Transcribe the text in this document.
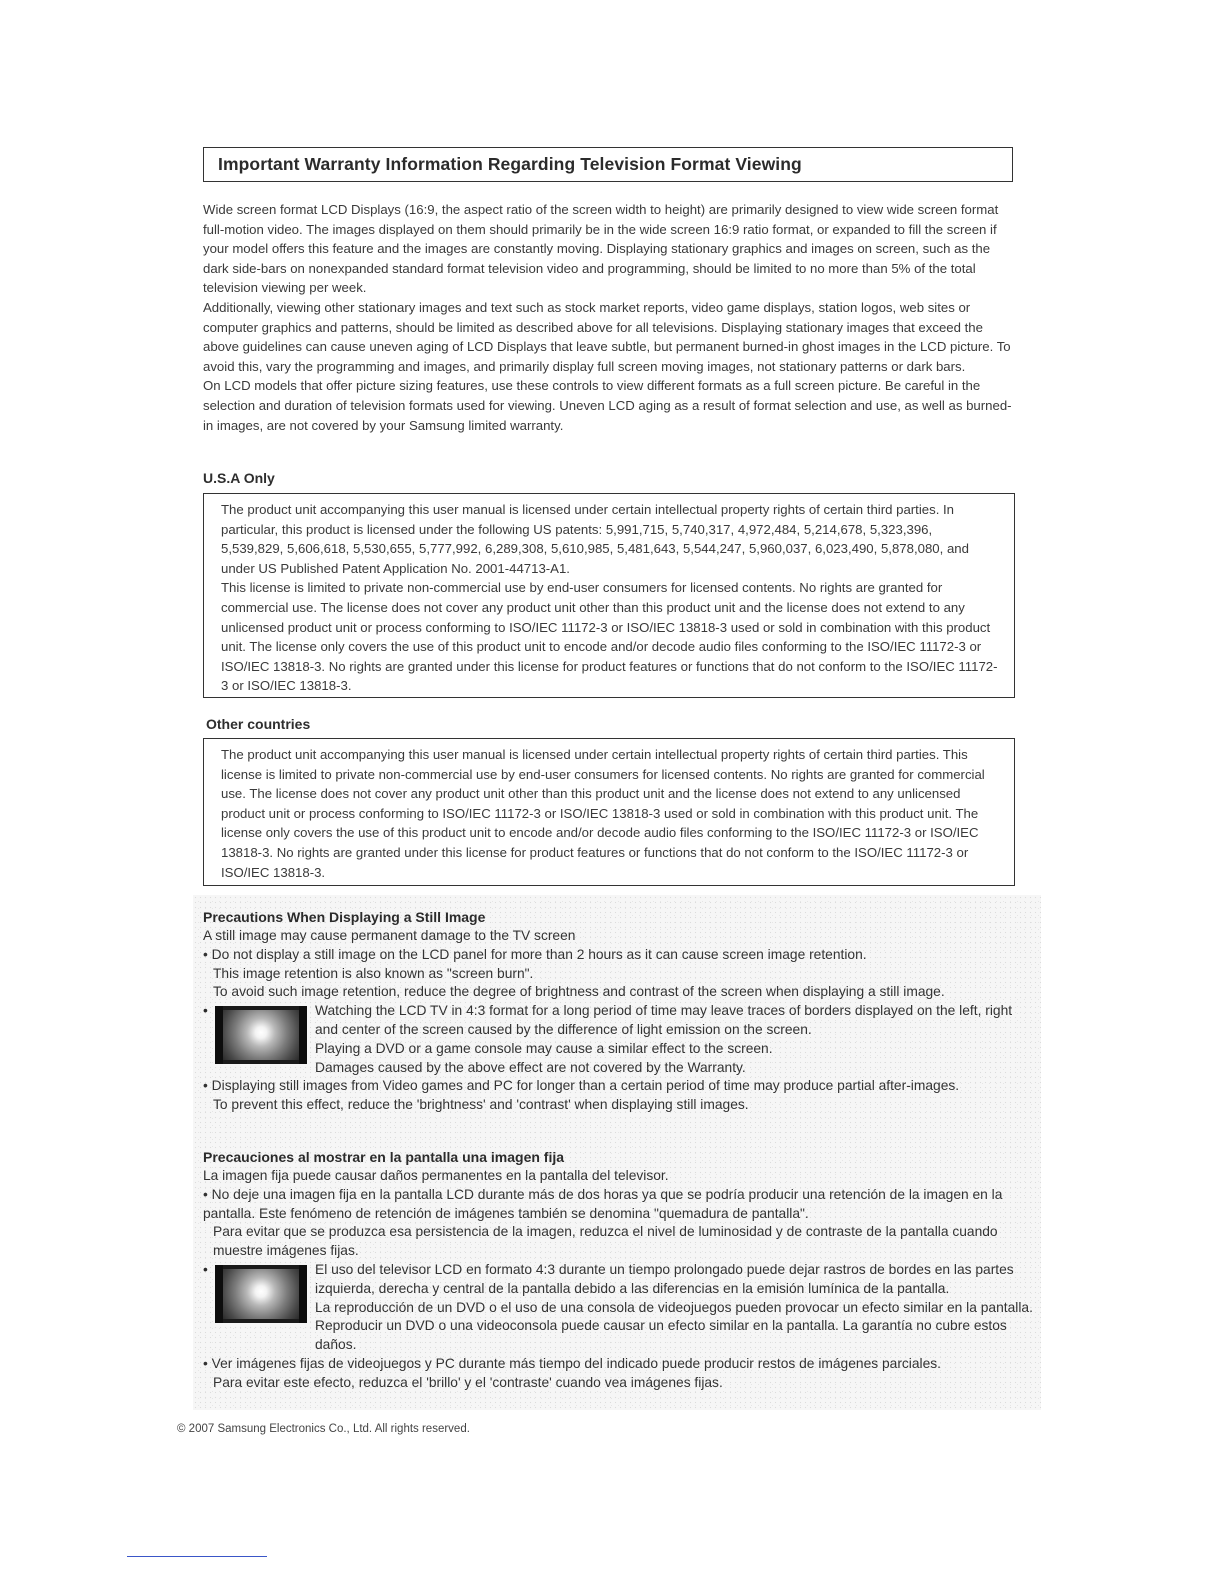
Important Warranty Information Regarding Television Format Viewing

Wide screen format LCD Displays (16:9, the aspect ratio of the screen width to height) are primarily designed to view wide screen format full-motion video. The images displayed on them should primarily be in the wide screen 16:9 ratio format, or expanded to fill the screen if your model offers this feature and the images are constantly moving. Displaying stationary graphics and images on screen, such as the dark side-bars on nonexpanded standard format television video and programming, should be limited to no more than 5% of the total television viewing per week.

Additionally, viewing other stationary images and text such as stock market reports, video game displays, station logos, web sites or computer graphics and patterns, should be limited as described above for all televisions. Displaying stationary images that exceed the above guidelines can cause uneven aging of LCD Displays that leave subtle, but permanent burned-in ghost images in the LCD picture. To avoid this, vary the programming and images, and primarily display full screen moving images, not stationary patterns or dark bars.

On LCD models that offer picture sizing features, use these controls to view different formats as a full screen picture. Be careful in the selection and duration of television formats used for viewing. Uneven LCD aging as a result of format selection and use, as well as burned-in images, are not covered by your Samsung limited warranty.

U.S.A Only

The product unit accompanying this user manual is licensed under certain intellectual property rights of certain third parties. In particular, this product is licensed under the following US patents: 5,991,715, 5,740,317, 4,972,484, 5,214,678, 5,323,396, 5,539,829, 5,606,618, 5,530,655, 5,777,992, 6,289,308, 5,610,985, 5,481,643, 5,544,247, 5,960,037, 6,023,490, 5,878,080, and under US Published Patent Application No. 2001-44713-A1.

This license is limited to private non-commercial use by end-user consumers for licensed contents. No rights are granted for commercial use. The license does not cover any product unit other than this product unit and the license does not extend to any unlicensed product unit or process conforming to ISO/IEC 11172-3 or ISO/IEC 13818-3 used or sold in combination with this product unit. The license only covers the use of this product unit to encode and/or decode audio files conforming to the ISO/IEC 11172-3 or ISO/IEC 13818-3. No rights are granted under this license for product features or functions that do not conform to the ISO/IEC 11172-3 or ISO/IEC 13818-3.

Other countries

The product unit accompanying this user manual is licensed under certain intellectual property rights of certain third parties. This license is limited to private non-commercial use by end-user consumers for licensed contents. No rights are granted for commercial use. The license does not cover any product unit other than this product unit and the license does not extend to any unlicensed product unit or process conforming to ISO/IEC 11172-3 or ISO/IEC 13818-3 used or sold in combination with this product unit. The license only covers the use of this product unit to encode and/or decode audio files conforming to the ISO/IEC 11172-3 or ISO/IEC 13818-3. No rights are granted under this license for product features or functions that do not conform to the ISO/IEC 11172-3 or ISO/IEC 13818-3.

Precautions When Displaying a Still Image

A still image may cause permanent damage to the TV screen

• Do not display a still image on the LCD panel for more than 2 hours as it can cause screen image retention.

This image retention is also known as "screen burn".

To avoid such image retention, reduce the degree of brightness and contrast of the screen when displaying a still image.

•	Watching the LCD TV in 4:3 format for a long period of time may leave traces of borders displayed on the left, right and center of the screen caused by the difference of light emission on the screen.

Playing a DVD or a game console may cause a similar effect to the screen.

Damages caused by the above effect are not covered by the Warranty.

• Displaying still images from Video games and PC for longer than a certain period of time may produce partial after-images.

To prevent this effect, reduce the 'brightness' and 'contrast' when displaying still images.

Precauciones al mostrar en la pantalla una imagen fija

La imagen fija puede causar daños permanentes en la pantalla del televisor.

• No deje una imagen fija en la pantalla LCD durante más de dos horas ya que se podría producir una retención de la imagen en la pantalla. Este fenómeno de retención de imágenes también se denomina "quemadura de pantalla".

Para evitar que se produzca esa persistencia de la imagen, reduzca el nivel de luminosidad y de contraste de la pantalla cuando muestre imágenes fijas.

•	El uso del televisor LCD en formato 4:3 durante un tiempo prolongado puede dejar rastros de bordes en las partes izquierda, derecha y central de la pantalla debido a las diferencias en la emisión lumínica de la pantalla.

La reproducción de un DVD o el uso de una consola de videojuegos pueden provocar un efecto similar en la pantalla. Reproducir un DVD o una videoconsola puede causar un efecto similar en la pantalla. La garantía no cubre estos daños.

• Ver imágenes fijas de videojuegos y PC durante más tiempo del indicado puede producir restos de imágenes parciales.

Para evitar este efecto, reduzca el 'brillo' y el 'contraste' cuando vea imágenes fijas.

© 2007 Samsung Electronics Co., Ltd. All rights reserved.
